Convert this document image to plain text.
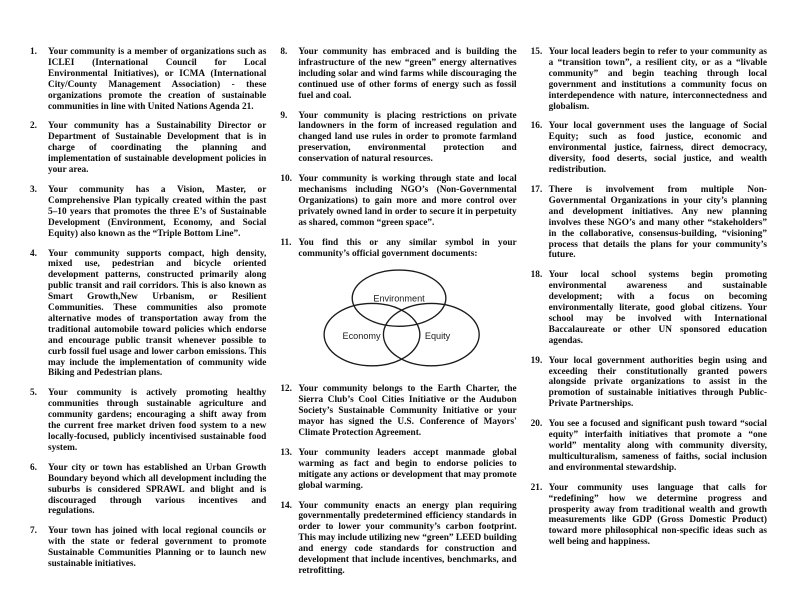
1.	Your community is a member of organizations such as ICLEI (International Council for Local Environmental Initiatives), or ICMA (International City/County Management Association) - these organizations promote the creation of sustainable communities in line with United Nations Agenda 21.
2.	Your community has a Sustainability Director or Department of Sustainable Development that is in charge of coordinating the planning and implementation of sustainable development policies in your area.
3.	Your community has a Vision, Master, or Comprehensive Plan typically created within the past 5–10 years that promotes the three E’s of Sustainable Development (Environment, Economy, and Social Equity) also known as the “Triple Bottom Line”.
4.	Your community supports compact, high density, mixed use, pedestrian and bicycle oriented development patterns, constructed primarily along public transit and rail corridors. This is also known as Smart Growth,New Urbanism, or Resilient Communities. These communities also promote alternative modes of transportation away from the traditional automobile toward policies which endorse and encourage public transit whenever possible to curb fossil fuel usage and lower carbon emissions. This may include the implementation of community wide Biking and Pedestrian plans.
5.	Your community is actively promoting healthy communities through sustainable agriculture and community gardens; encouraging a shift away from the current free market driven food system to a new locally-focused, publicly incentivised sustainable food system.
6.	Your city or town has established an Urban Growth Boundary beyond which all development including the suburbs is considered SPRAWL and blight and is discouraged through various incentives and regulations.
7.	Your town has joined with local regional councils or with the state or federal government to promote Sustainable Communities Planning or to launch new sustainable initiatives.
8.	Your community has embraced and is building the infrastructure of the new “green” energy alternatives including solar and wind farms while discouraging the continued use of other forms of energy such as fossil fuel and coal.
9.	Your community is placing restrictions on private landowners in the form of increased regulation and changed land use rules in order to promote farmland preservation, environmental protection and conservation of natural resources.
10. Your community is working through state and local mechanisms including NGO’s (Non-Governmental Organizations) to gain more and more control over privately owned land in order to secure it in perpetuity as shared, common “green space”.
11. You find this or any similar symbol in your community’s official government documents:
Environment
Economy	Equity
12. Your community belongs to the Earth Charter, the Sierra Club’s Cool Cities Initiative or the Audubon Society’s Sustainable Community Initiative or your mayor has signed the U.S. Conference of Mayors' Climate Protection Agreement.
13. Your community leaders accept manmade global warming as fact and begin to endorse policies to mitigate any actions or development that may promote global warming.
14. Your community enacts an energy plan requiring governmentally predetermined efficiency standards in order to lower your community’s carbon footprint. This may include utilizing new “green” LEED building and energy code standards for construction and development that include incentives, benchmarks, and retrofitting.
15. Your local leaders begin to refer to your community as a “transition town”, a resilient city, or as a “livable community” and begin teaching through local government and institutions a community focus on interdependence with nature, interconnectedness and globalism.
16. Your local government uses the language of Social Equity; such as food justice, economic and environmental justice, fairness, direct democracy, diversity, food deserts, social justice, and wealth redistribution.
17. There is involvement from multiple Non-Governmental Organizations in your city’s planning and development initiatives. Any new planning involves these NGO’s and many other “stakeholders” in the collaborative, consensus-building, “visioning” process that details the plans for your community’s future.
18. Your local school systems begin promoting environmental awareness and sustainable development; with a focus on becoming environmentally literate, good global citizens. Your school may be involved with International Baccalaureate or other UN sponsored education agendas.
19. Your local government authorities begin using and exceeding their constitutionally granted powers alongside private organizations to assist in the promotion of sustainable initiatives through Public-Private Partnerships.
20. You see a focused and significant push toward “social equity” interfaith initiatives that promote a “one world” mentality along with community diversity, multiculturalism, sameness of faiths, social inclusion and environmental stewardship.
21. Your community uses language that calls for “redefining” how we determine progress and prosperity away from traditional wealth and growth measurements like GDP (Gross Domestic Product) toward more philosophical non-specific ideas such as well being and happiness.
